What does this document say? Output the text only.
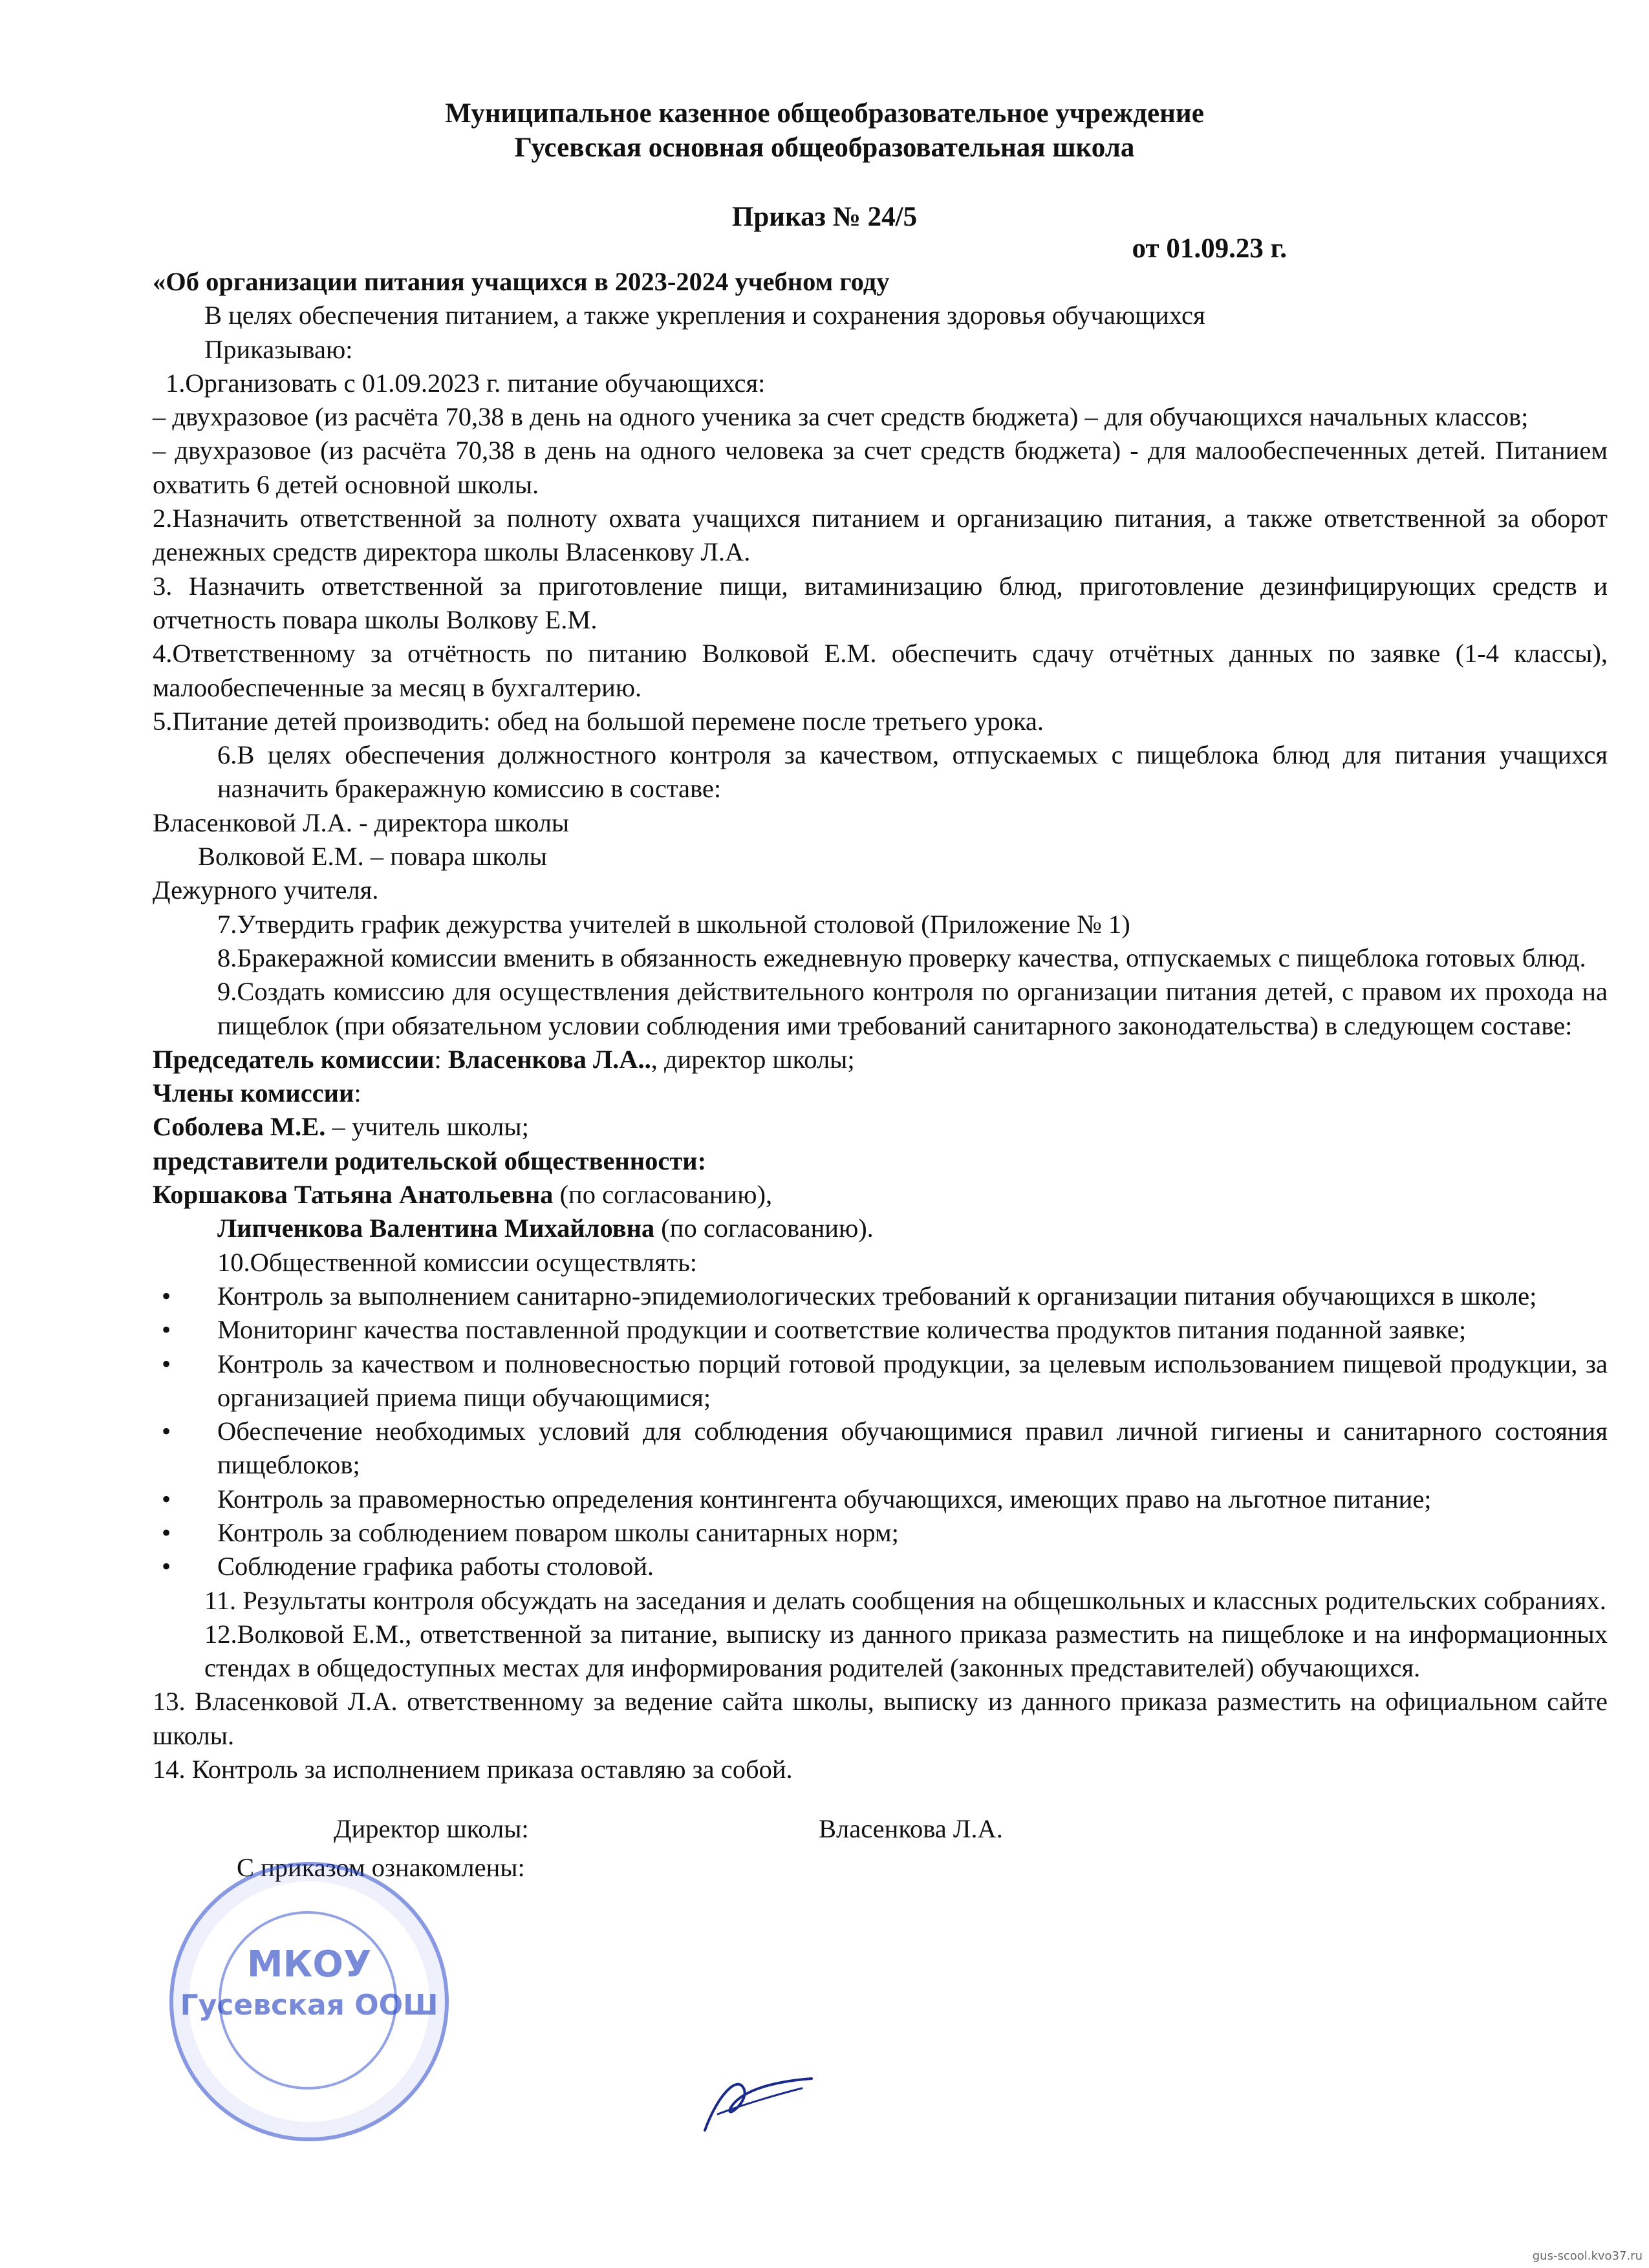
Муниципальное казенное общеобразовательное учреждение
Гусевская основная общеобразовательная школа
Приказ № 24/5
от 01.09.23 г.

«Об организации питания учащихся в 2023-2024 учебном году

В целях обеспечения питанием, а также укрепления и сохранения здоровья обучающихся

Приказываю:

1.Организовать с 01.09.2023 г. питание обучающихся:

– двухразовое (из расчёта 70,38 в день на одного ученика за счет средств бюджета) – для обучающихся начальных классов;

– двухразовое (из расчёта 70,38 в день на одного человека за счет средств бюджета) - для малообеспеченных детей. Питанием охватить 6 детей основной школы.

2.Назначить ответственной за полноту охвата учащихся питанием и организацию питания, а также ответственной за оборот денежных средств директора школы Власенкову Л.А.

3. Назначить ответственной за приготовление пищи, витаминизацию блюд, приготовление дезинфицирующих средств и отчетность повара школы Волкову Е.М.

4.Ответственному за отчётность по питанию Волковой Е.М. обеспечить сдачу отчётных данных по заявке (1-4 классы), малообеспеченные за месяц в бухгалтерию.

5.Питание детей производить: обед на большой перемене после третьего урока.

6.В целях обеспечения должностного контроля за качеством, отпускаемых с пищеблока блюд для питания учащихся назначить бракеражную комиссию в составе:

Власенковой Л.А. - директора школы

Волковой Е.М. – повара школы

Дежурного учителя.

7.Утвердить график дежурства учителей в школьной столовой (Приложение № 1)

8.Бракеражной комиссии вменить в обязанность ежедневную проверку качества, отпускаемых с пищеблока готовых блюд.

9.Создать комиссию для осуществления действительного контроля по организации питания детей, с правом их прохода на пищеблок (при обязательном условии соблюдения ими требований санитарного законодательства) в следующем составе:

Председатель комиссии: Власенкова Л.А.., директор школы;

Члены комиссии:

Соболева М.Е. – учитель школы;

представители родительской общественности:

Коршакова Татьяна Анатольевна (по согласованию),

Липченкова Валентина Михайловна (по согласованию).

10.Общественной комиссии осуществлять:

• Контроль за выполнением санитарно-эпидемиологических требований к организации питания обучающихся в школе;

• Мониторинг качества поставленной продукции и соответствие количества продуктов питания поданной заявке;

• Контроль за качеством и полновесностью порций готовой продукции, за целевым использованием пищевой продукции, за организацией приема пищи обучающимися;

• Обеспечение необходимых условий для соблюдения обучающимися правил личной гигиены и санитарного состояния пищеблоков;

• Контроль за правомерностью определения контингента обучающихся, имеющих право на льготное питание;

• Контроль за соблюдением поваром школы санитарных норм;

• Соблюдение графика работы столовой.

11. Результаты контроля обсуждать на заседания и делать сообщения на общешкольных и классных родительских собраниях.

12.Волковой Е.М., ответственной за питание, выписку из данного приказа разместить на пищеблоке и на информационных стендах в общедоступных местах для информирования родителей (законных представителей) обучающихся.

13. Власенковой Л.А. ответственному за ведение сайта школы, выписку из данного приказа разместить на официальном сайте школы.

14. Контроль за исполнением приказа оставляю за собой.

Директор школы:	Власенкова Л.А.

С приказом ознакомлены:

МКОУ
Гусевская ООШ
gus-scool.kvo37.ru
